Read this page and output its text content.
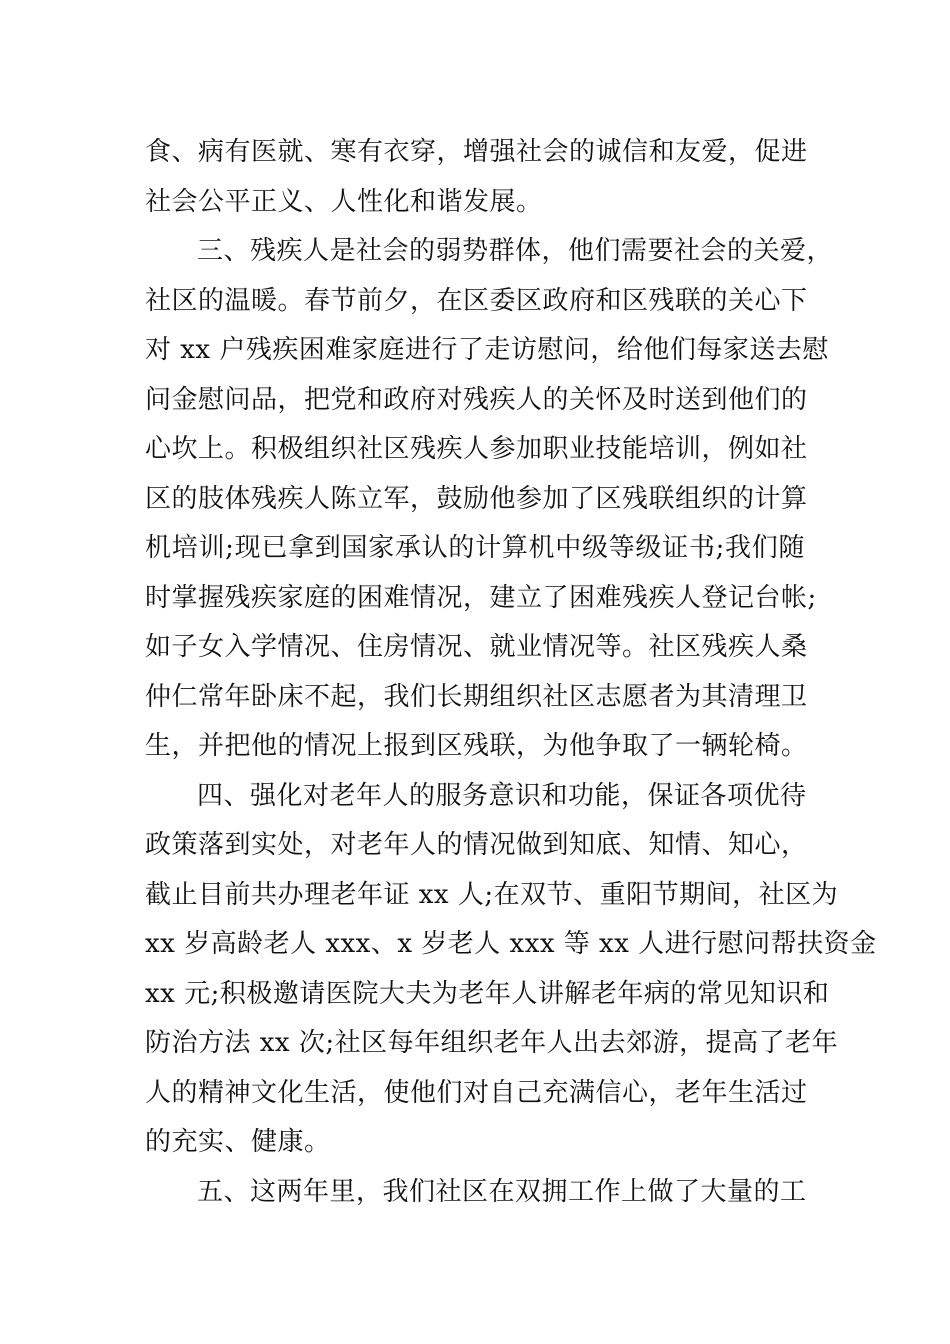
食、病有医就、寒有衣穿，增强社会的诚信和友爱，促进
社会公平正义、人性化和谐发展。
三、残疾人是社会的弱势群体，他们需要社会的关爱，
社区的温暖。春节前夕，在区委区政府和区残联的关心下
对 xx 户残疾困难家庭进行了走访慰问，给他们每家送去慰
问金慰问品，把党和政府对残疾人的关怀及时送到他们的
心坎上。积极组织社区残疾人参加职业技能培训，例如社
区的肢体残疾人陈立军，鼓励他参加了区残联组织的计算
机培训;现已拿到国家承认的计算机中级等级证书;我们随
时掌握残疾家庭的困难情况，建立了困难残疾人登记台帐;
如子女入学情况、住房情况、就业情况等。社区残疾人桑
仲仁常年卧床不起，我们长期组织社区志愿者为其清理卫
生，并把他的情况上报到区残联，为他争取了一辆轮椅。
四、强化对老年人的服务意识和功能，保证各项优待
政策落到实处，对老年人的情况做到知底、知情、知心，
截止目前共办理老年证 xx 人;在双节、重阳节期间，社区为
xx 岁高龄老人 xxx、x 岁老人 xxx 等 xx 人进行慰问帮扶资金
xx 元;积极邀请医院大夫为老年人讲解老年病的常见知识和
防治方法 xx 次;社区每年组织老年人出去郊游，提高了老年
人的精神文化生活，使他们对自己充满信心，老年生活过
的充实、健康。
五、这两年里，我们社区在双拥工作上做了大量的工
